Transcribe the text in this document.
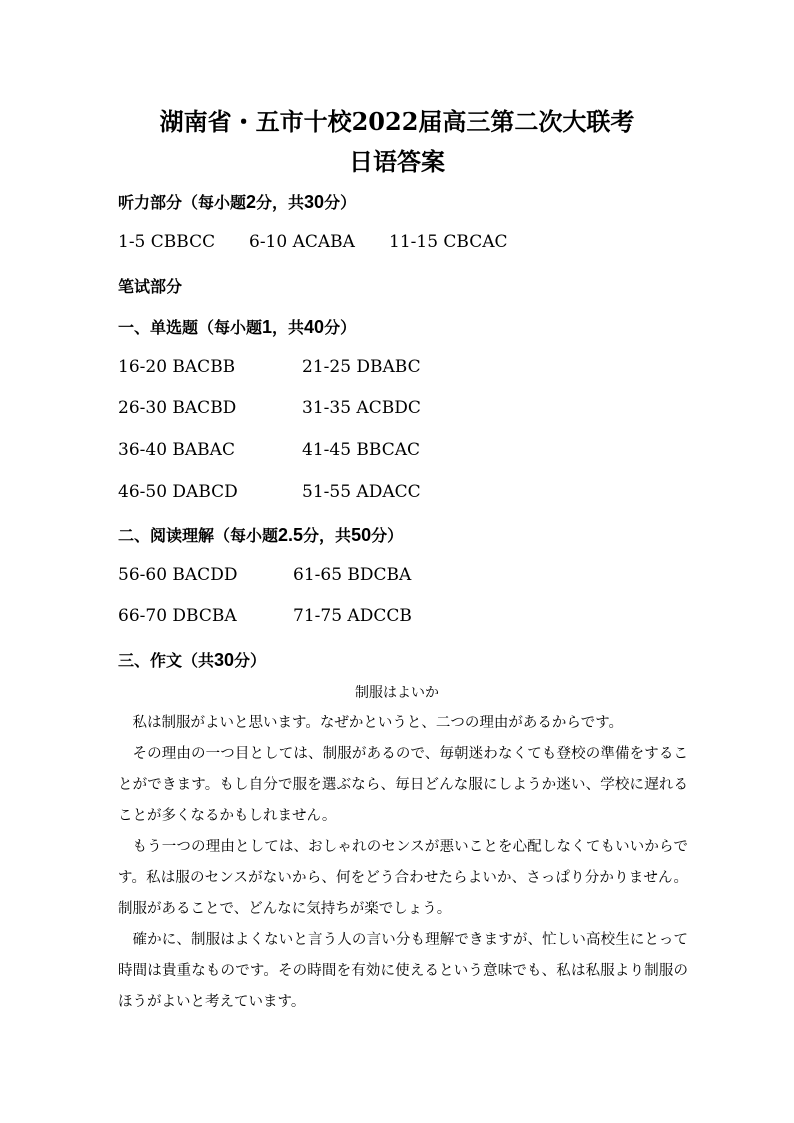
湖南省・五市十校2022届高三第二次大联考
日语答案
听力部分（每小题2分，共30分）
1-5 CBBCC 6-10 ACABA 11-15 CBCAC
笔试部分
一、单选题（每小题1，共40分）
16-20 BACBB	21-25 DBABC
26-30 BACBD	31-35 ACBDC
36-40 BABAC	41-45 BBCAC
46-50 DABCD	51-55 ADACC
二、阅读理解（每小题2.5分，共50分）
56-60 BACDD	61-65 BDCBA
66-70 DBCBA	71-75 ADCCB
三、作文（共30分）
制服はよいか

私は制服がよいと思います。なぜかというと、二つの理由があるからです。

その理由の一つ目としては、制服があるので、毎朝迷わなくても登校の準備をすることができます。もし自分で服を選ぶなら、毎日どんな服にしようか迷い、学校に遅れることが多くなるかもしれません。

もう一つの理由としては、おしゃれのセンスが悪いことを心配しなくてもいいからです。私は服のセンスがないから、何をどう合わせたらよいか、さっぱり分かりません。制服があることで、どんなに気持ちが楽でしょう。

確かに、制服はよくないと言う人の言い分も理解できますが、忙しい高校生にとって時間は貴重なものです。その時間を有効に使えるという意味でも、私は私服より制服のほうがよいと考えています。
